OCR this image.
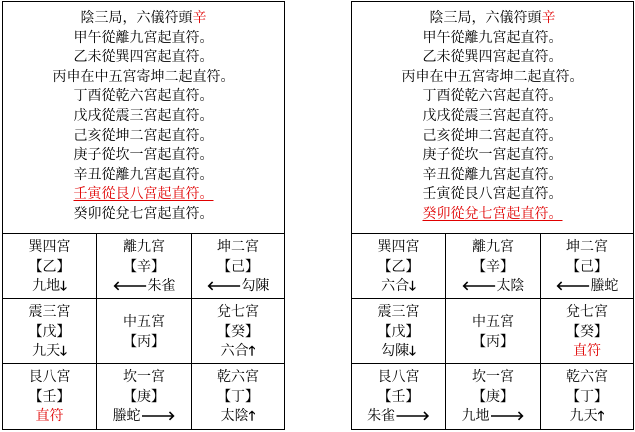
陰三局，六儀符頭辛
甲午從離九宮起直符。
乙未從巽四宮起直符。
丙申在中五宮寄坤二起直符。
丁酉從乾六宮起直符。
戊戌從震三宮起直符。
己亥從坤二宮起直符。
庚子從坎一宮起直符。
辛丑從離九宮起直符。
壬寅從艮八宮起直符。
癸卯從兌七宮起直符。
巽四宮
【乙】
九地🡓
離九宮
【辛】
🡐朱雀
坤二宮
【己】
🡐勾陳
震三宮
【戊】
九天🡓
中五宮
【丙】
兌七宮
【癸】
六合🡑
艮八宮
【壬】
直符
坎一宮
【庚】
螣蛇🡒
乾六宮
【丁】
太陰🡑
陰三局，六儀符頭辛
甲午從離九宮起直符。
乙未從巽四宮起直符。
丙申在中五宮寄坤二起直符。
丁酉從乾六宮起直符。
戊戌從震三宮起直符。
己亥從坤二宮起直符。
庚子從坎一宮起直符。
辛丑從離九宮起直符。
壬寅從艮八宮起直符。
癸卯從兌七宮起直符。
巽四宮
【乙】
六合🡓
離九宮
【辛】
🡐太陰
坤二宮
【己】
🡐螣蛇
震三宮
【戊】
勾陳🡓
中五宮
【丙】
兌七宮
【癸】
直符
艮八宮
【壬】
朱雀🡒
坎一宮
【庚】
九地🡒
乾六宮
【丁】
九天🡑
